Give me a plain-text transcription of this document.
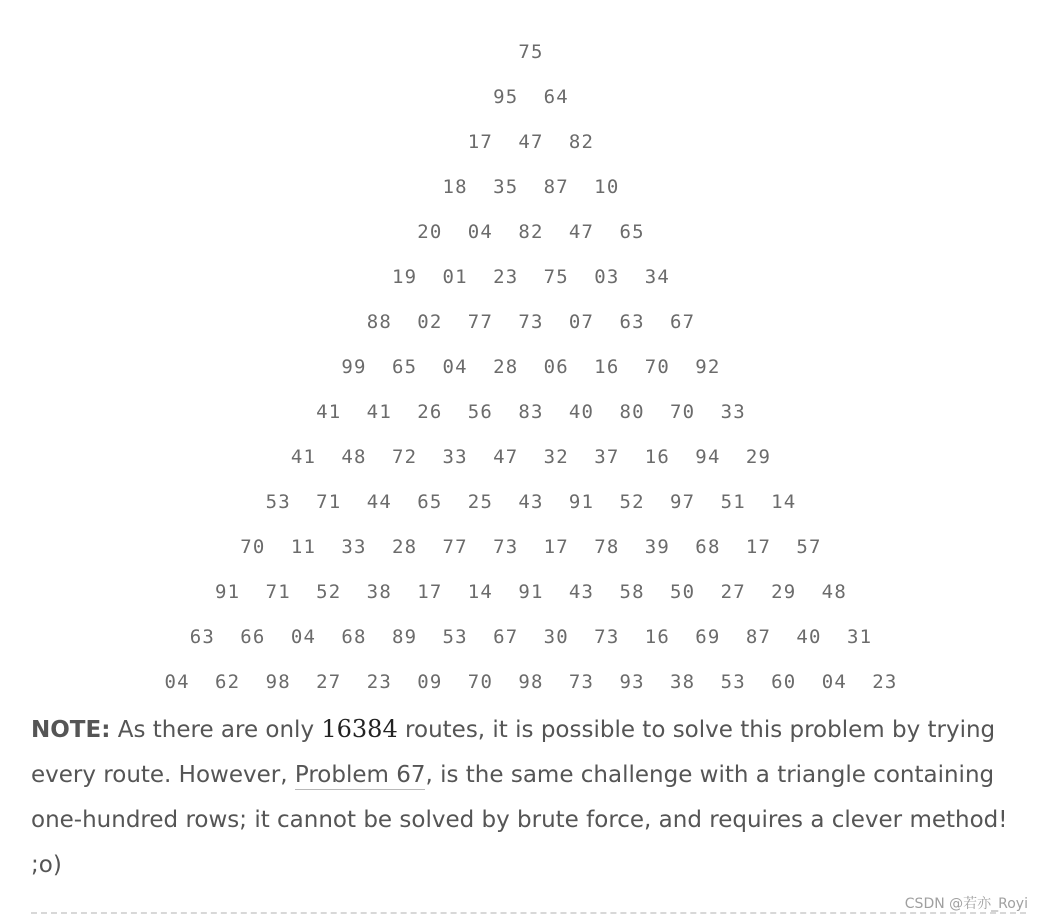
75
95  64
17  47  82
18  35  87  10
20  04  82  47  65
19  01  23  75  03  34
88  02  77  73  07  63  67
99  65  04  28  06  16  70  92
41  41  26  56  83  40  80  70  33
41  48  72  33  47  32  37  16  94  29
53  71  44  65  25  43  91  52  97  51  14
70  11  33  28  77  73  17  78  39  68  17  57
91  71  52  38  17  14  91  43  58  50  27  29  48
63  66  04  68  89  53  67  30  73  16  69  87  40  31
04  62  98  27  23  09  70  98  73  93  38  53  60  04  23
NOTE: As there are only 16384 routes, it is possible to solve this problem by trying every route. However, Problem 67, is the same challenge with a triangle containing one-hundred rows; it cannot be solved by brute force, and requires a clever method! ;o)
CSDN @若亦_Royi
